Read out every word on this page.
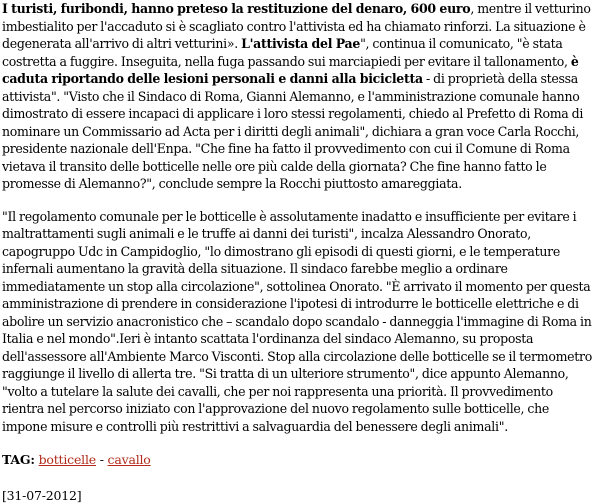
I turisti, furibondi, hanno preteso la restituzione del denaro, 600 euro, mentre il vetturino imbestialito per l'accaduto si è scagliato contro l'attivista ed ha chiamato rinforzi. La situazione è degenerata all'arrivo di altri vetturini». L'attivista del Pae", continua il comunicato, "è stata costretta a fuggire. Inseguita, nella fuga passando sui marciapiedi per evitare il tallonamento, è caduta riportando delle lesioni personali e danni alla bicicletta - di proprietà della stessa attivista". "Visto che il Sindaco di Roma, Gianni Alemanno, e l'amministrazione comunale hanno dimostrato di essere incapaci di applicare i loro stessi regolamenti, chiedo al Prefetto di Roma di nominare un Commissario ad Acta per i diritti degli animali", dichiara a gran voce Carla Rocchi, presidente nazionale dell'Enpa. "Che fine ha fatto il provvedimento con cui il Comune di Roma vietava il transito delle botticelle nelle ore più calde della giornata? Che fine hanno fatto le promesse di Alemanno?", conclude sempre la Rocchi piuttosto amareggiata.

"Il regolamento comunale per le botticelle è assolutamente inadatto e insufficiente per evitare i maltrattamenti sugli animali e le truffe ai danni dei turisti", incalza Alessandro Onorato, capogruppo Udc in Campidoglio, "lo dimostrano gli episodi di questi giorni, e le temperature infernali aumentano la gravità della situazione. Il sindaco farebbe meglio a ordinare immediatamente un stop alla circolazione", sottolinea Onorato. "È arrivato il momento per questa amministrazione di prendere in considerazione l'ipotesi di introdurre le botticelle elettriche e di abolire un servizio anacronistico che – scandalo dopo scandalo - danneggia l'immagine di Roma in Italia e nel mondo".Ieri è intanto scattata l'ordinanza del sindaco Alemanno, su proposta dell'assessore all'Ambiente Marco Visconti. Stop alla circolazione delle botticelle se il termometro raggiunge il livello di allerta tre. "Si tratta di un ulteriore strumento", dice appunto Alemanno, "volto a tutelare la salute dei cavalli, che per noi rappresenta una priorità. Il provvedimento rientra nel percorso iniziato con l'approvazione del nuovo regolamento sulle botticelle, che impone misure e controlli più restrittivi a salvaguardia del benessere degli animali".

TAG: botticelle - cavallo

[31-07-2012]
